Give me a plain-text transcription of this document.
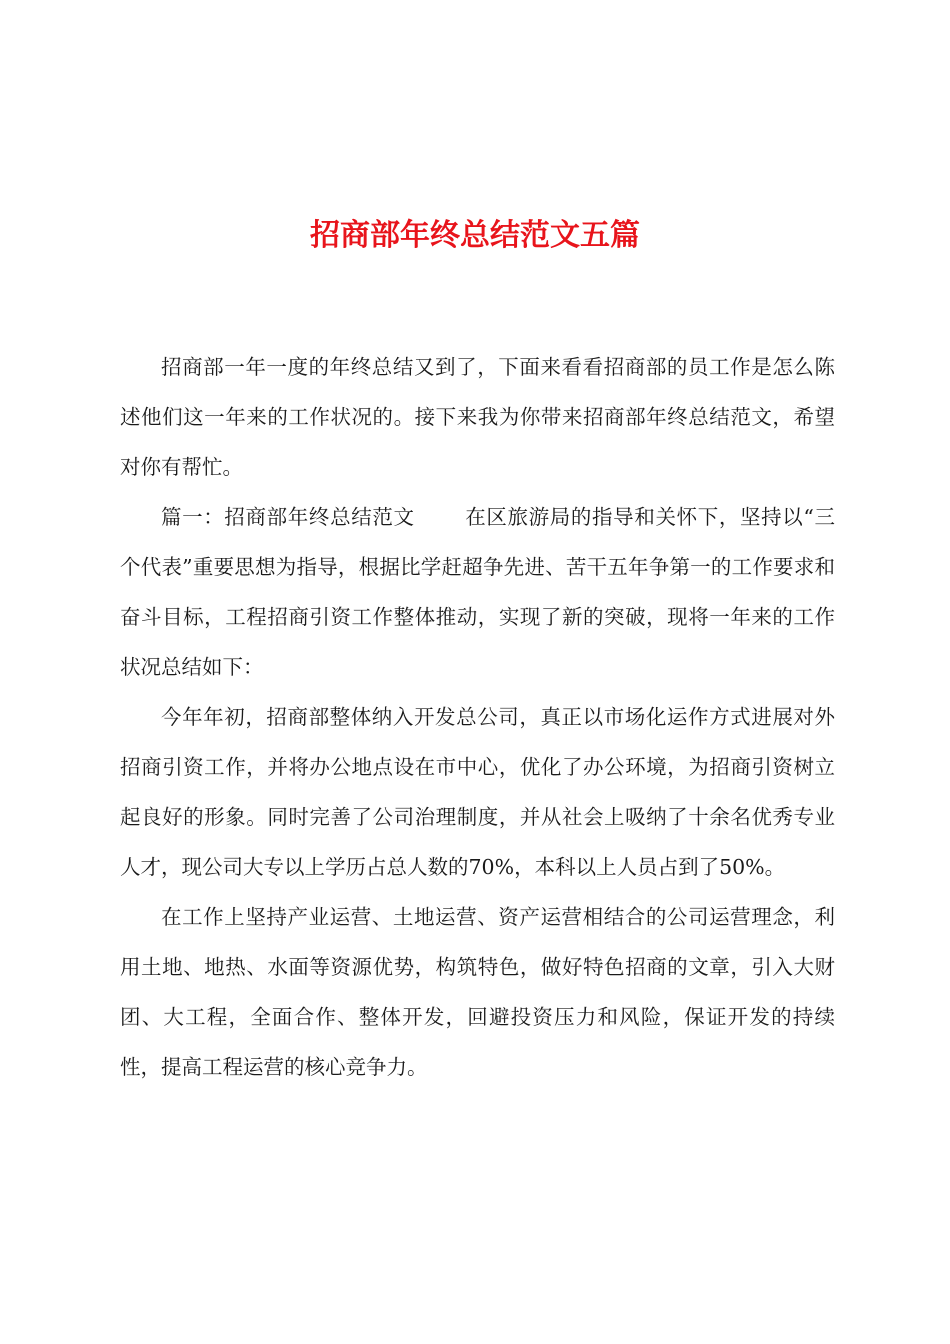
招商部年终总结范文五篇

招商部一年一度的年终总结又到了，下面来看看招商部的员工作是怎么陈述他们这一年来的工作状况的。接下来我为你带来招商部年终总结范文，希望对你有帮忙。

篇一：招商部年终总结范文 在区旅游局的指导和关怀下，坚持以“三个代表”重要思想为指导，根据比学赶超争先进、苦干五年争第一的工作要求和奋斗目标，工程招商引资工作整体推动，实现了新的突破，现将一年来的工作状况总结如下：

今年年初，招商部整体纳入开发总公司，真正以市场化运作方式进展对外招商引资工作，并将办公地点设在市中心，优化了办公环境，为招商引资树立起良好的形象。同时完善了公司治理制度，并从社会上吸纳了十余名优秀专业人才，现公司大专以上学历占总人数的70%，本科以上人员占到了50%。

在工作上坚持产业运营、土地运营、资产运营相结合的公司运营理念，利用土地、地热、水面等资源优势，构筑特色，做好特色招商的文章，引入大财团、大工程，全面合作、整体开发，回避投资压力和风险，保证开发的持续性，提高工程运营的核心竞争力。
